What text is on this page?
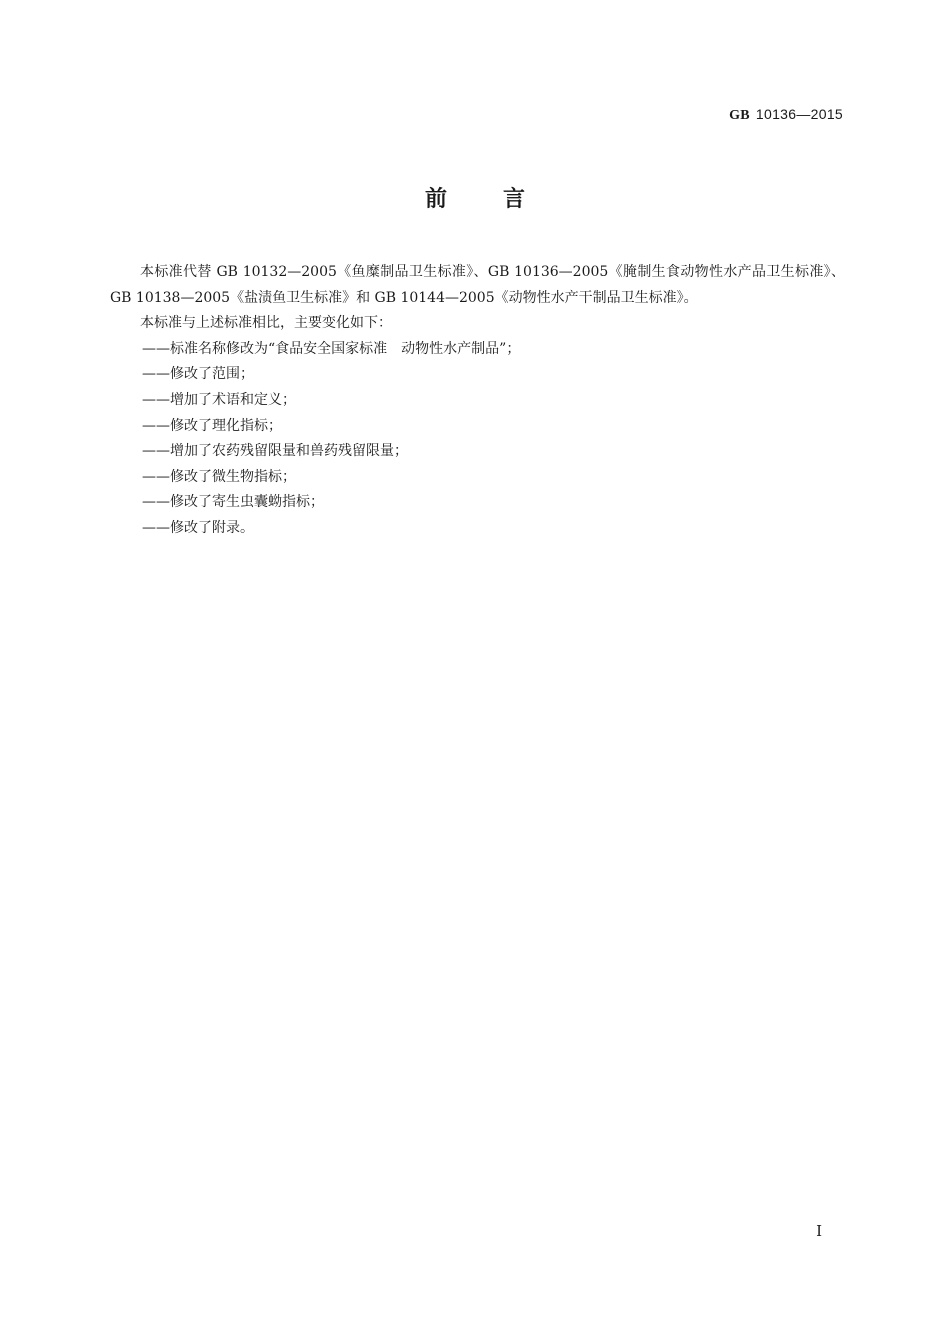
GB 10136—2015
前言

本标准代替 GB 10132—2005《鱼糜制品卫生标准》、GB 10136—2005《腌制生食动物性水产品卫生标准》、GB 10138—2005《盐渍鱼卫生标准》和 GB 10144—2005《动物性水产干制品卫生标准》。

本标准与上述标准相比，主要变化如下：

——标准名称修改为“食品安全国家标准　动物性水产制品”；

——修改了范围；

——增加了术语和定义；

——修改了理化指标；

——增加了农药残留限量和兽药残留限量；

——修改了微生物指标；

——修改了寄生虫囊蚴指标；

——修改了附录。

I
